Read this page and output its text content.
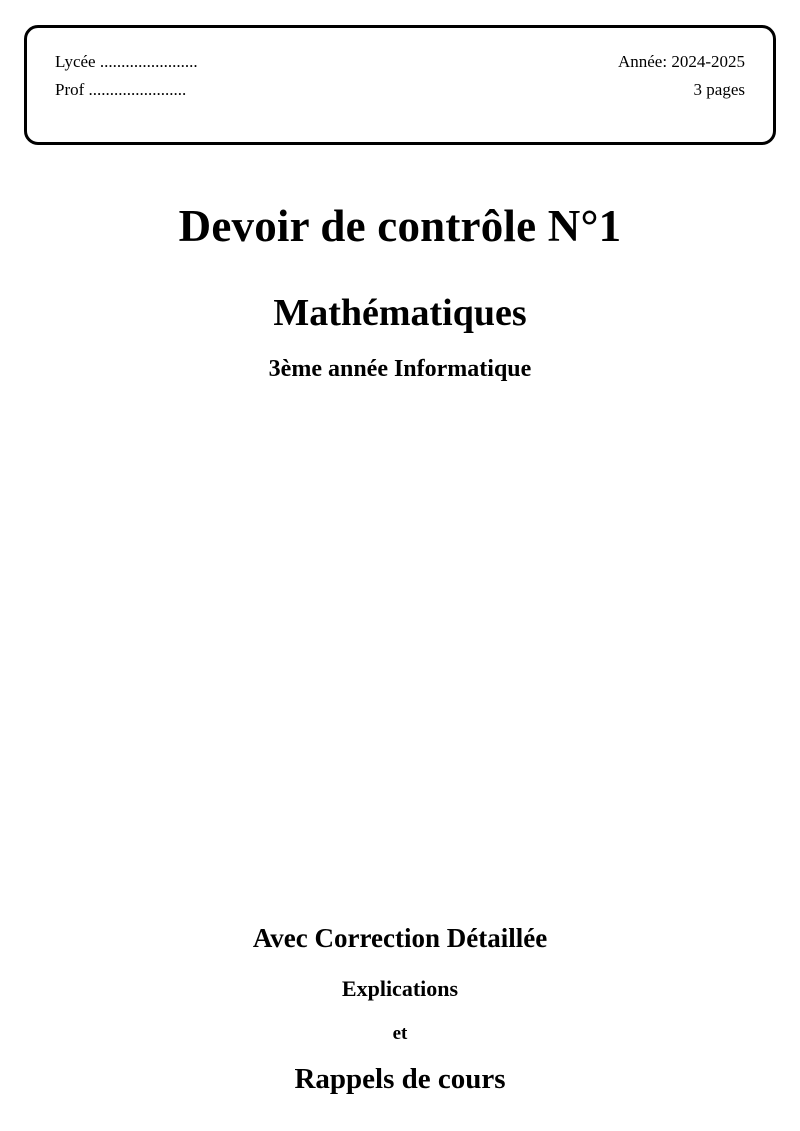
Lycée .......................	Année: 2024-2025
Prof .......................	3 pages
Devoir de contrôle N°1
Mathématiques
3ème année Informatique

Avec Correction Détaillée

Explications

et

Rappels de cours
